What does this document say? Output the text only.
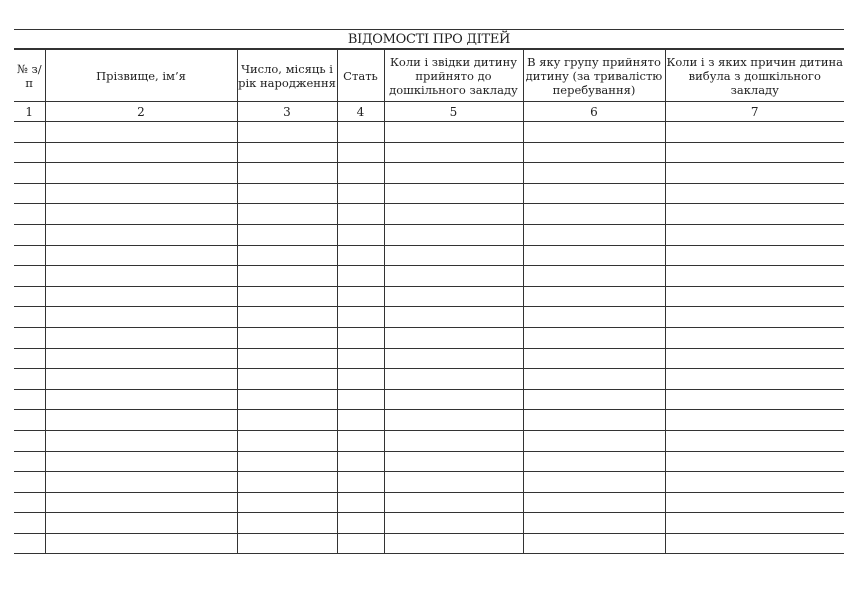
ВІДОМОСТІ ПРО ДІТЕЙ
№ з/п	Прізвище, ім’я	Число, місяць і рік народження	Стать	Коли і звідки дитину прийнято до дошкільного закладу	В яку групу прийнято дитину (за тривалістю перебування)	Коли і з яких причин дитина вибула з дошкільного закладу
1	2	3	4	5	6	7
